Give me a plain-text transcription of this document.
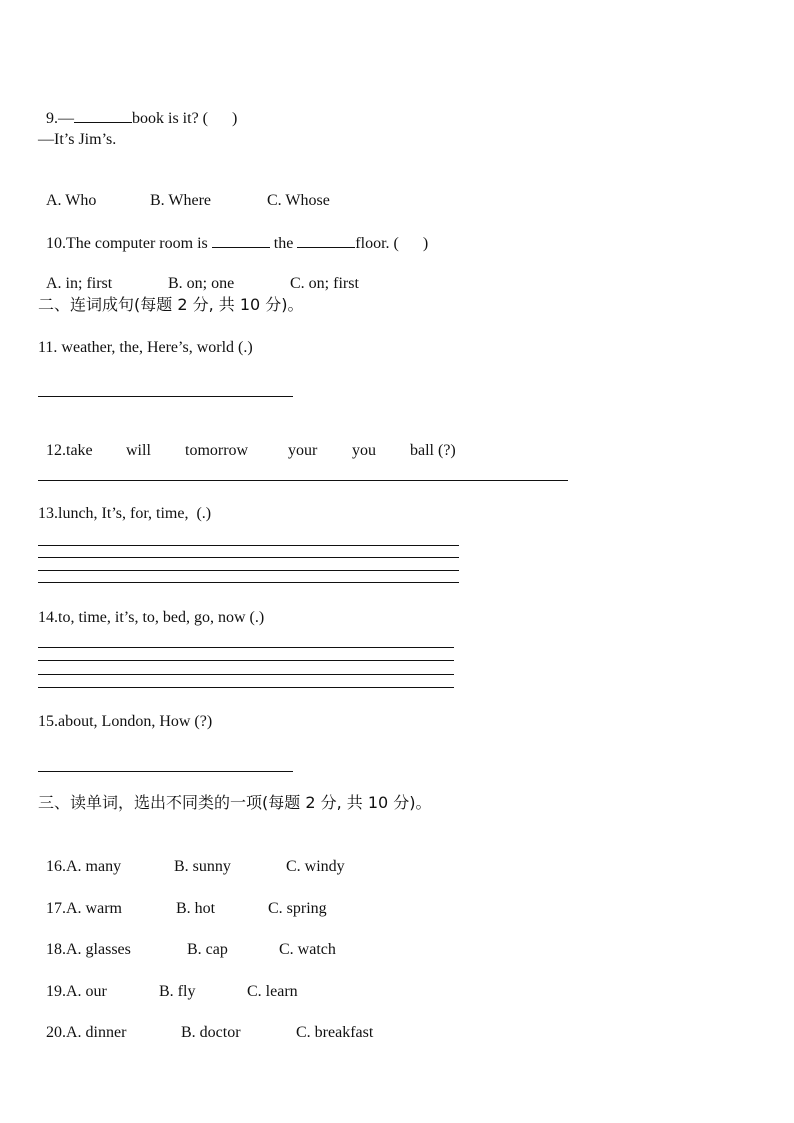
9.—	book is it? (      )

—It’s Jim’s.

A. Who	B. Where	C. Whose

10.The computer room is	the	floor. (      )

A. in; first	B. on; one	C. on; first

二、连词成句(每题 2 分, 共 10 分)。
11. weather, the, Here’s, world (.)

12.take will tomorrow your you ball (?)

13.lunch, It’s, for, time,  (.)
14.to, time, it’s, to, bed, go, now (.)
15.about, London, How (?)
三、读单词，选出不同类的一项(每题 2 分, 共 10 分)。

16.A. many	B. sunny	C. windy

17.A. warm	B. hot	C. spring

18.A. glasses	B. cap	C. watch

19.A. our	B. fly	C. learn

20.A. dinner	B. doctor	C. breakfast
